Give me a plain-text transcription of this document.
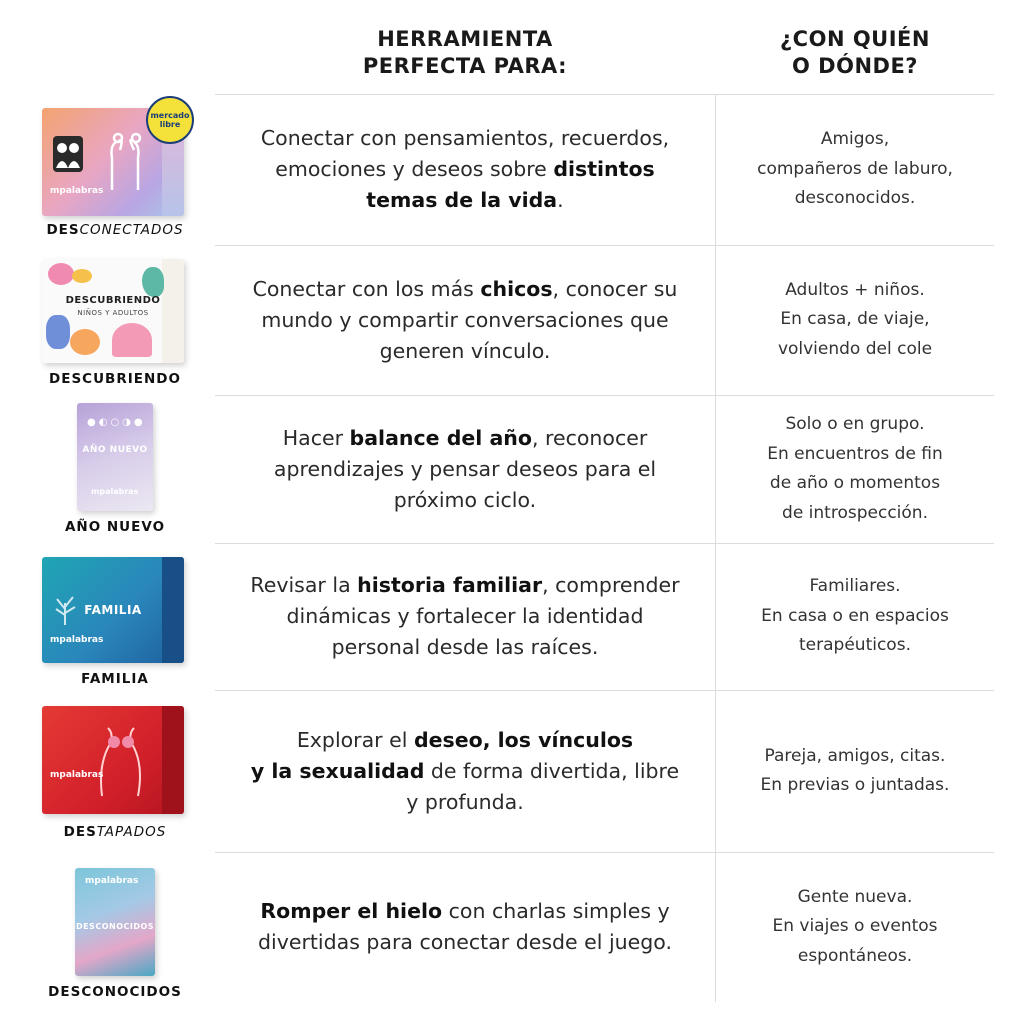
HERRAMIENTA
PERFECTA PARA:
¿CON QUIÉN
O DÓNDE?
mpalabras
mercado libre
DESCONECTADOS

Conectar con pensamientos, recuerdos, emociones y deseos sobre distintos temas de la vida.

Amigos,
compañeros de laburo,
desconocidos.

DESCUBRIENDO
NIÑOS Y ADULTOS
DESCUBRIENDO

Conectar con los más chicos, conocer su mundo y compartir conversaciones que generen vínculo.

Adultos + niños.
En casa, de viaje,
volviendo del cole

●◐○◑●
AÑO NUEVO
mpalabras
AÑO NUEVO

Hacer balance del año, reconocer aprendizajes y pensar deseos para el próximo ciclo.

Solo o en grupo.
En encuentros de fin
de año o momentos
de introspección.

FAMILIA
mpalabras
FAMILIA

Revisar la historia familiar, comprender dinámicas y fortalecer la identidad personal desde las raíces.

Familiares.
En casa o en espacios
terapéuticos.

mpalabras
DESTAPADOS

Explorar el deseo, los vínculos
y la sexualidad de forma divertida, libre y profunda.

Pareja, amigos, citas.
En previas o juntadas.

mpalabras
DESCONOCIDOS
DESCONOCIDOS

Romper el hielo con charlas simples y divertidas para conectar desde el juego.

Gente nueva.
En viajes o eventos
espontáneos.
